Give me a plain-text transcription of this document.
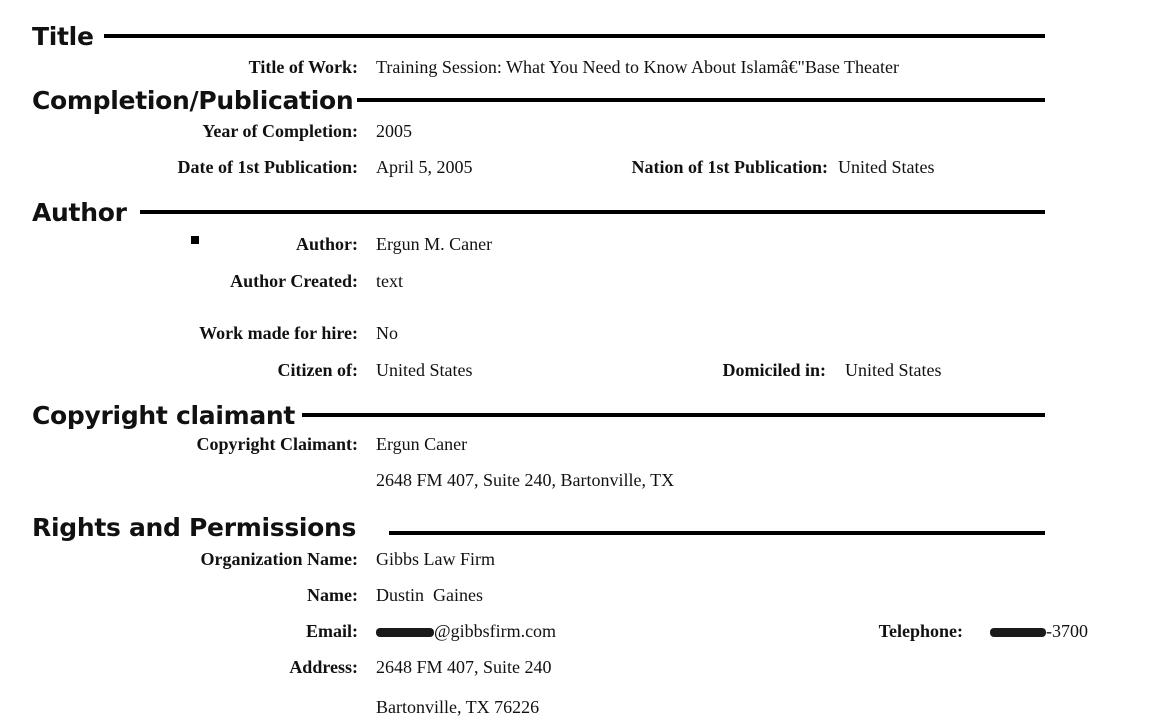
Title
Title of Work: Training Session: What You Need to Know About Islamâ€"Base Theater
Completion/Publication
Year of Completion: 2005
Date of 1st Publication: April 5, 2005	Nation of 1st Publication: United States
Author
Author: Ergun M. Caner
Author Created: text
Work made for hire: No
Citizen of: United States	Domiciled in: United States
Copyright claimant
Copyright Claimant: Ergun Caner
2648 FM 407, Suite 240, Bartonville, TX
Rights and Permissions
Organization Name: Gibbs Law Firm
Name: Dustin  Gaines
Email:	@gibbsfirm.com	Telephone:	-3700
Address: 2648 FM 407, Suite 240
Bartonville, TX 76226
